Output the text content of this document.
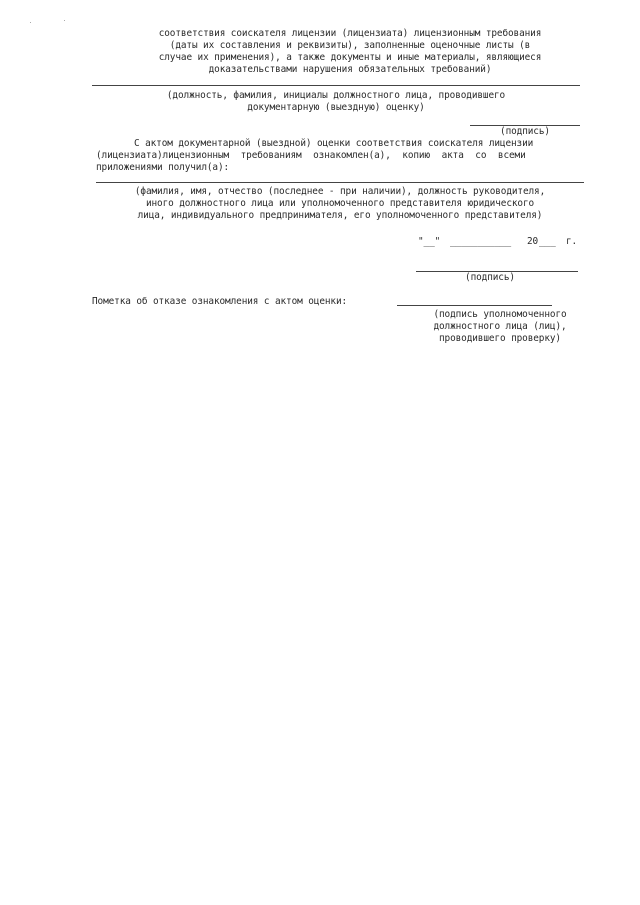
соответствия соискателя лицензии (лицензиата) лицензионным требования
(даты их составления и реквизиты), заполненные оценочные листы (в
случае их применения), а также документы и иные материалы, являющиеся
доказательствами нарушения обязательных требований)
(должность, фамилия, инициалы должностного лица, проводившего
документарную (выездную) оценку)
(подпись)
С актом документарной (выездной) оценки соответствия соискателя лицензии
(лицензиата)лицензионным требованиям ознакомлен(а), копию акта со всеми
приложениями получил(а):
(фамилия, имя, отчество (последнее - при наличии), должность руководителя,
иного должностного лица или уполномоченного представителя юридического
лица, индивидуального предпринимателя, его уполномоченного представителя)
"__" ___________ 20 ___ г.
(подпись)
Пометка об отказе ознакомления с актом оценки:
(подпись уполномоченного
должностного лица (лиц),
проводившего проверку)
